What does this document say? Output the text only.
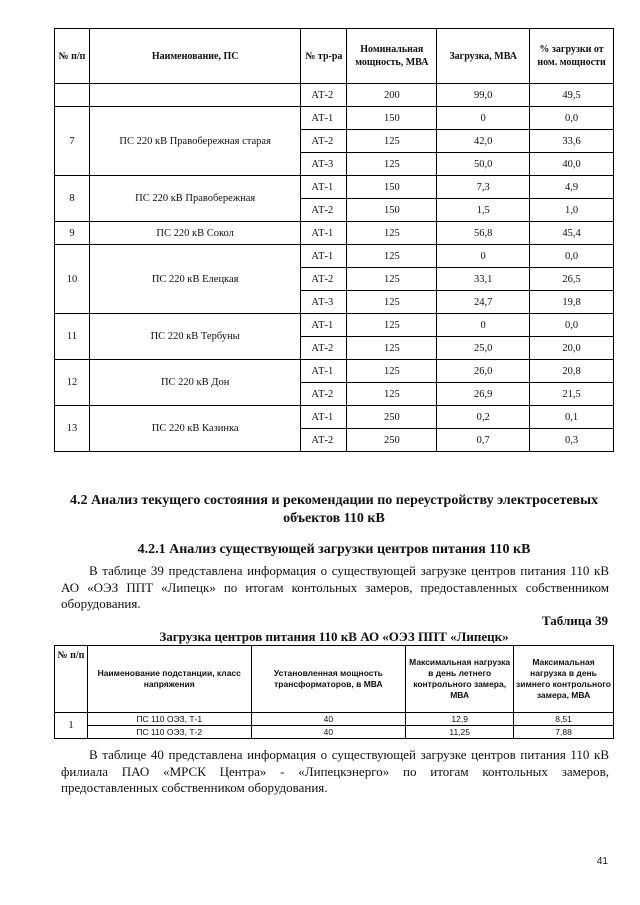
№ п/п	Наименование, ПС	№ тр-ра	Номинальная мощность, МВА	Загрузка, МВА	% загрузки от ном. мощности
		АТ-2	200	99,0	49,5
7	ПС 220 кВ Правобережная старая	АТ-1	150	0	0,0
		АТ-2	125	42,0	33,6
		АТ-3	125	50,0	40,0
8	ПС 220 кВ Правобережная	АТ-1	150	7,3	4,9
		АТ-2	150	1,5	1,0
9	ПС 220 кВ Сокол	АТ-1	125	56,8	45,4
10	ПС 220 кВ Елецкая	АТ-1	125	0	0,0
		АТ-2	125	33,1	26,5
		АТ-3	125	24,7	19,8
11	ПС 220 кВ Тербуны	АТ-1	125	0	0,0
		АТ-2	125	25,0	20,0
12	ПС 220 кВ Дон	АТ-1	125	26,0	20,8
		АТ-2	125	26,9	21,5
13	ПС 220 кВ Казинка	АТ-1	250	0,2	0,1
		АТ-2	250	0,7	0,3
4.2 Анализ текущего состояния и рекомендации по переустройству электросетевых объектов 110 кВ
4.2.1 Анализ существующей загрузки центров питания 110 кВ

В таблице 39 представлена информация о существующей загрузке центров питания 110 кВ АО «ОЭЗ ППТ «Липецк» по итогам контольных замеров, предоставленных собственником оборудования.

Таблица 39
Загрузка центров питания 110 кВ АО «ОЭЗ ППТ «Липецк»
№ п/п	Наименование подстанции, класс напряжения	Установленная мощность трансформаторов, в МВА	Максимальная нагрузка в день летнего контрольного замера, МВА	Максимальная нагрузка в день зимнего контрольного замера, МВА
1	ПС 110 ОЭЗ, Т-1	40	12,9	8,51
	ПС 110 ОЭЗ, Т-2	40	11,25	7,88

В таблице 40 представлена информация о существующей загрузке центров питания 110 кВ филиала ПАО «МРСК Центра» - «Липецкэнерго» по итогам контольных замеров, предоставленных собственником оборудования.

41
